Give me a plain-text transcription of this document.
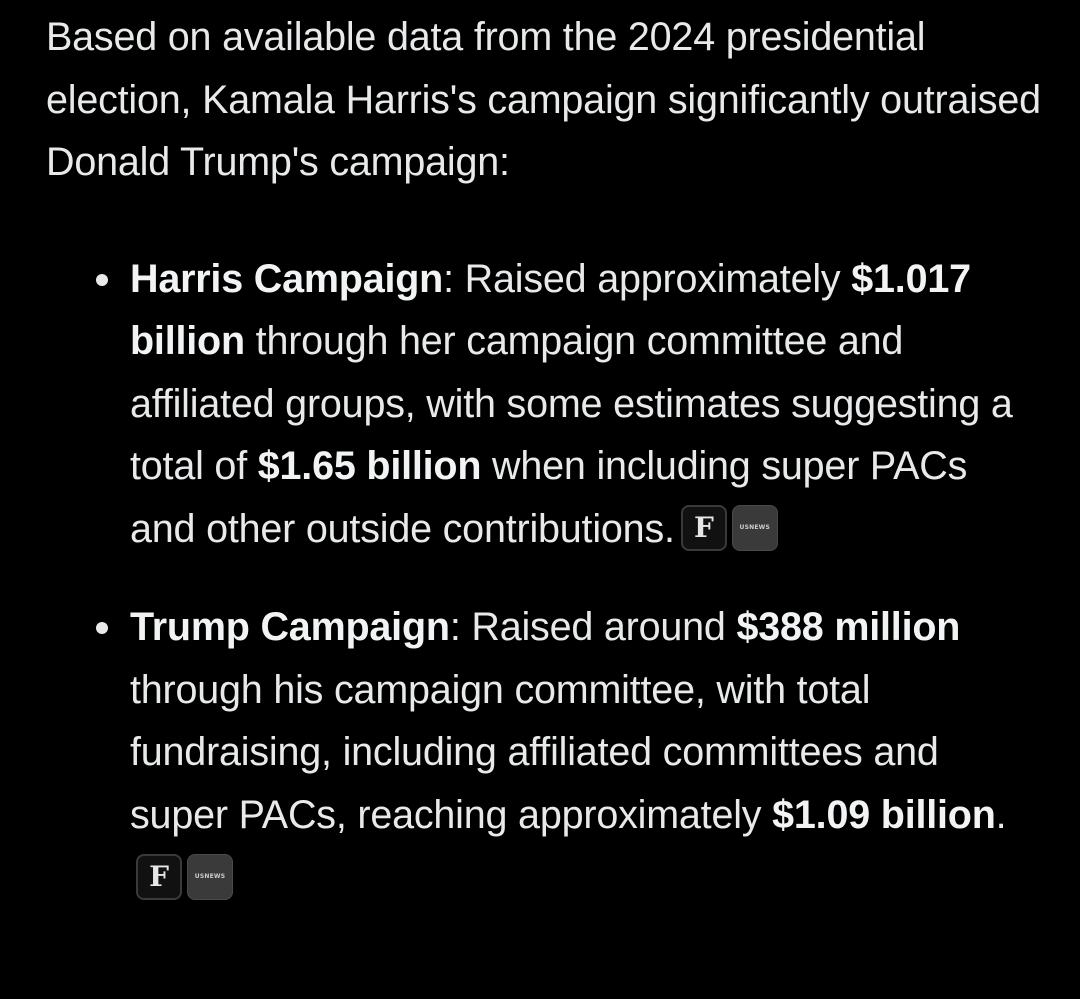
Based on available data from the 2024 presidential election, Kamala Harris's campaign significantly outraised Donald Trump's campaign:

Harris Campaign: Raised approximately $1.017 billion through her campaign committee and affiliated groups, with some estimates suggesting a total of $1.65 billion when including super PACs and other outside contributions. F	USNEWS
Trump Campaign: Raised around $388 million through his campaign committee, with total fundraising, including affiliated committees and super PACs, reaching approximately $1.09 billion.
F	USNEWS
